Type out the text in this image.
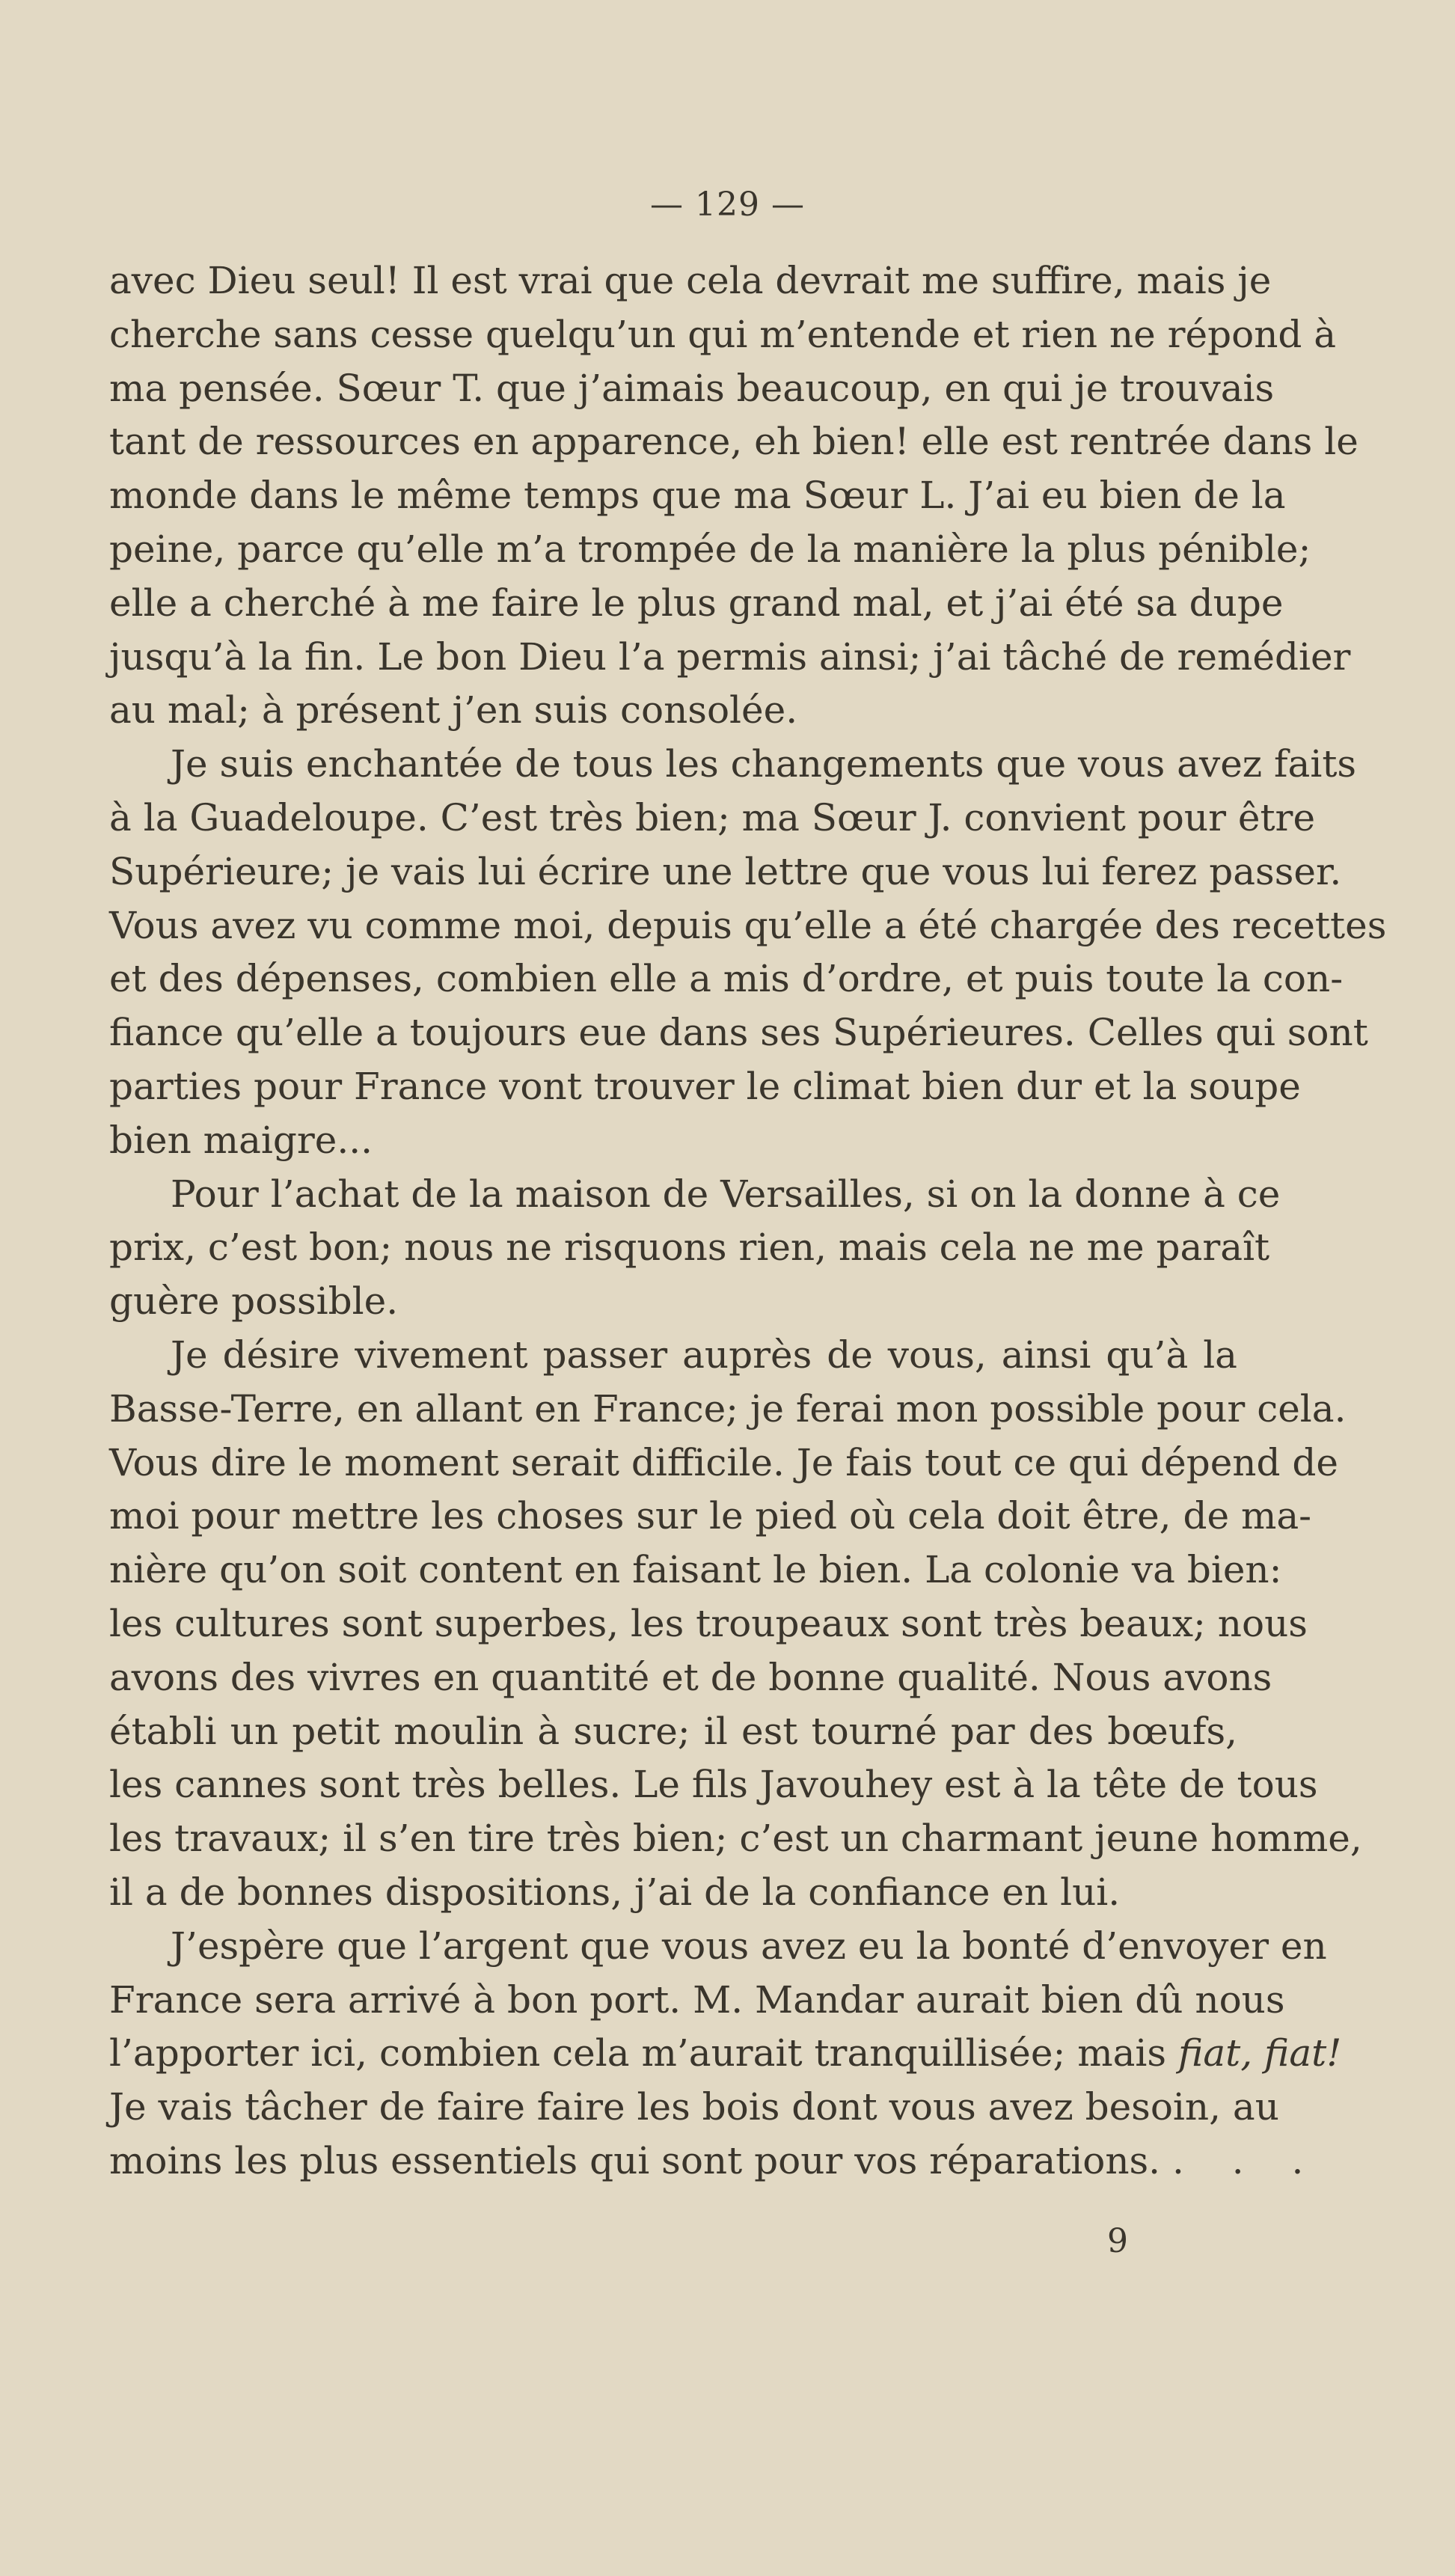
— 129 —

avec Dieu seul! Il est vrai que cela devrait me suffire, mais je
cherche sans cesse quelqu’un qui m’entende et rien ne répond à
ma pensée. Sœur T. que j’aimais beaucoup, en qui je trouvais
tant de ressources en apparence, eh bien! elle est rentrée dans le
monde dans le même temps que ma Sœur L. J’ai eu bien de la
peine, parce qu’elle m’a trompée de la manière la plus pénible;
elle a cherché à me faire le plus grand mal, et j’ai été sa dupe
jusqu’à la fin. Le bon Dieu l’a permis ainsi; j’ai tâché de remédier
au mal; à présent j’en suis consolée.

Je suis enchantée de tous les changements que vous avez faits
à la Guadeloupe. C’est très bien; ma Sœur J. convient pour être
Supérieure; je vais lui écrire une lettre que vous lui ferez passer.
Vous avez vu comme moi, depuis qu’elle a été chargée des recettes
et des dépenses, combien elle a mis d’ordre, et puis toute la con-
fiance qu’elle a toujours eue dans ses Supérieures. Celles qui sont
parties pour France vont trouver le climat bien dur et la soupe
bien maigre...

Pour l’achat de la maison de Versailles, si on la donne à ce
prix, c’est bon; nous ne risquons rien, mais cela ne me paraît
guère possible.

Je désire vivement passer auprès de vous, ainsi qu’à la
Basse-Terre, en allant en France; je ferai mon possible pour cela.
Vous dire le moment serait difficile. Je fais tout ce qui dépend de
moi pour mettre les choses sur le pied où cela doit être, de ma-
nière qu’on soit content en faisant le bien. La colonie va bien:
les cultures sont superbes, les troupeaux sont très beaux; nous
avons des vivres en quantité et de bonne qualité. Nous avons
établi un petit moulin à sucre; il est tourné par des bœufs,
les cannes sont très belles. Le fils Javouhey est à la tête de tous
les travaux; il s’en tire très bien; c’est un charmant jeune homme,
il a de bonnes dispositions, j’ai de la confiance en lui.

J’espère que l’argent que vous avez eu la bonté d’envoyer en
France sera arrivé à bon port. M. Mandar aurait bien dû nous
l’apporter ici, combien cela m’aurait tranquillisée; mais fiat, fiat!
Je vais tâcher de faire faire les bois dont vous avez besoin, au
moins les plus essentiels qui sont pour vos réparations. . . .

9
